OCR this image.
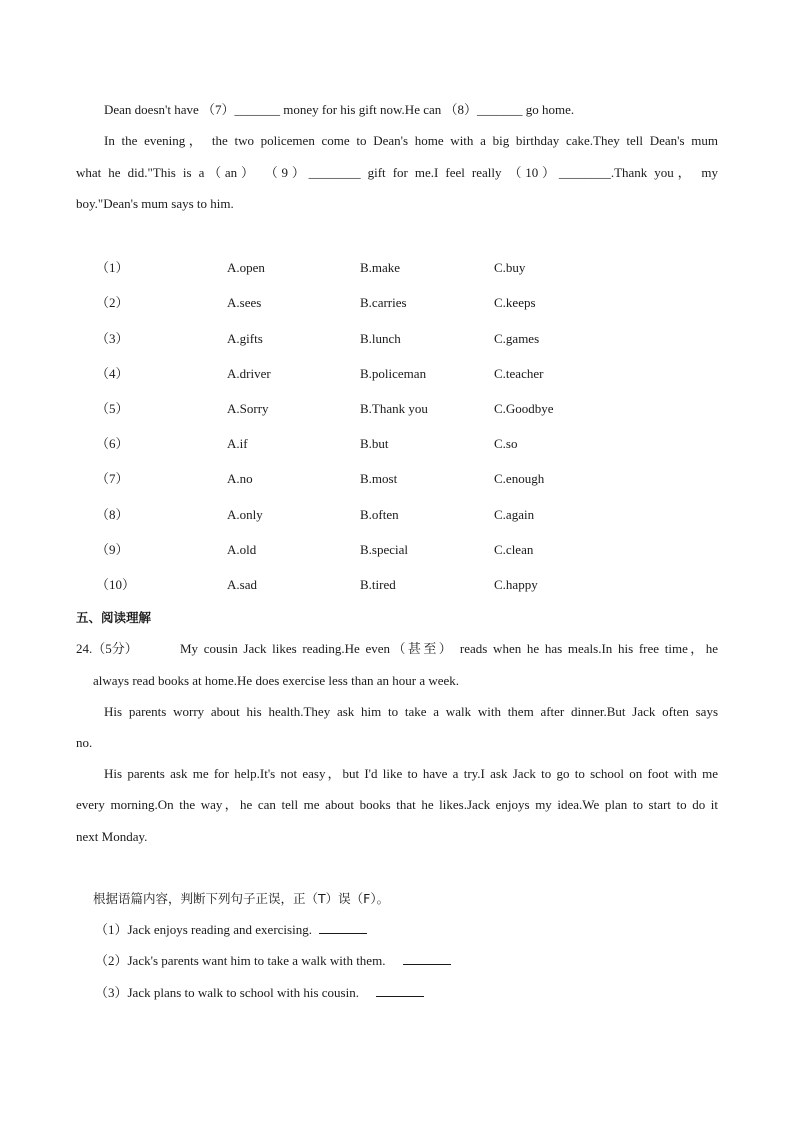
Dean doesn't have （7）_______ money for his gift now.He can （8）_______ go home.
In the evening， the two policemen come to Dean's home with a big birthday cake.They tell Dean's mum
what he did."This is a（an） （9）________ gift for me.I feel really （10）________.Thank you， my
boy."Dean's mum says to him.
（1）	A.open	B.make	C.buy
（2）	A.sees	B.carries	C.keeps
（3）	A.gifts	B.lunch	C.games
（4）	A.driver	B.policeman	C.teacher
（5）	A.Sorry	B.Thank you	C.Goodbye
（6）	A.if	B.but	C.so
（7）	A.no	B.most	C.enough
（8）	A.only	B.often	C.again
（9）	A.old	B.special	C.clean
（10）	A.sad	B.tired	C.happy
五、阅读理解
24.（5分）	My cousin Jack likes reading.He even（甚至） reads when he has meals.In his free time，he
always read books at home.He does exercise less than an hour a week.
His parents worry about his health.They ask him to take a walk with them after dinner.But Jack often says
no.
His parents ask me for help.It's not easy，but I'd like to have a try.I ask Jack to go to school on foot with me
every morning.On the way，he can tell me about books that he likes.Jack enjoys my idea.We plan to start to do it
next Monday.
根据语篇内容，判断下列句子正误，正（T）误（F）。
（1）Jack enjoys reading and exercising.
（2）Jack's parents want him to take a walk with them.
（3）Jack plans to walk to school with his cousin.
